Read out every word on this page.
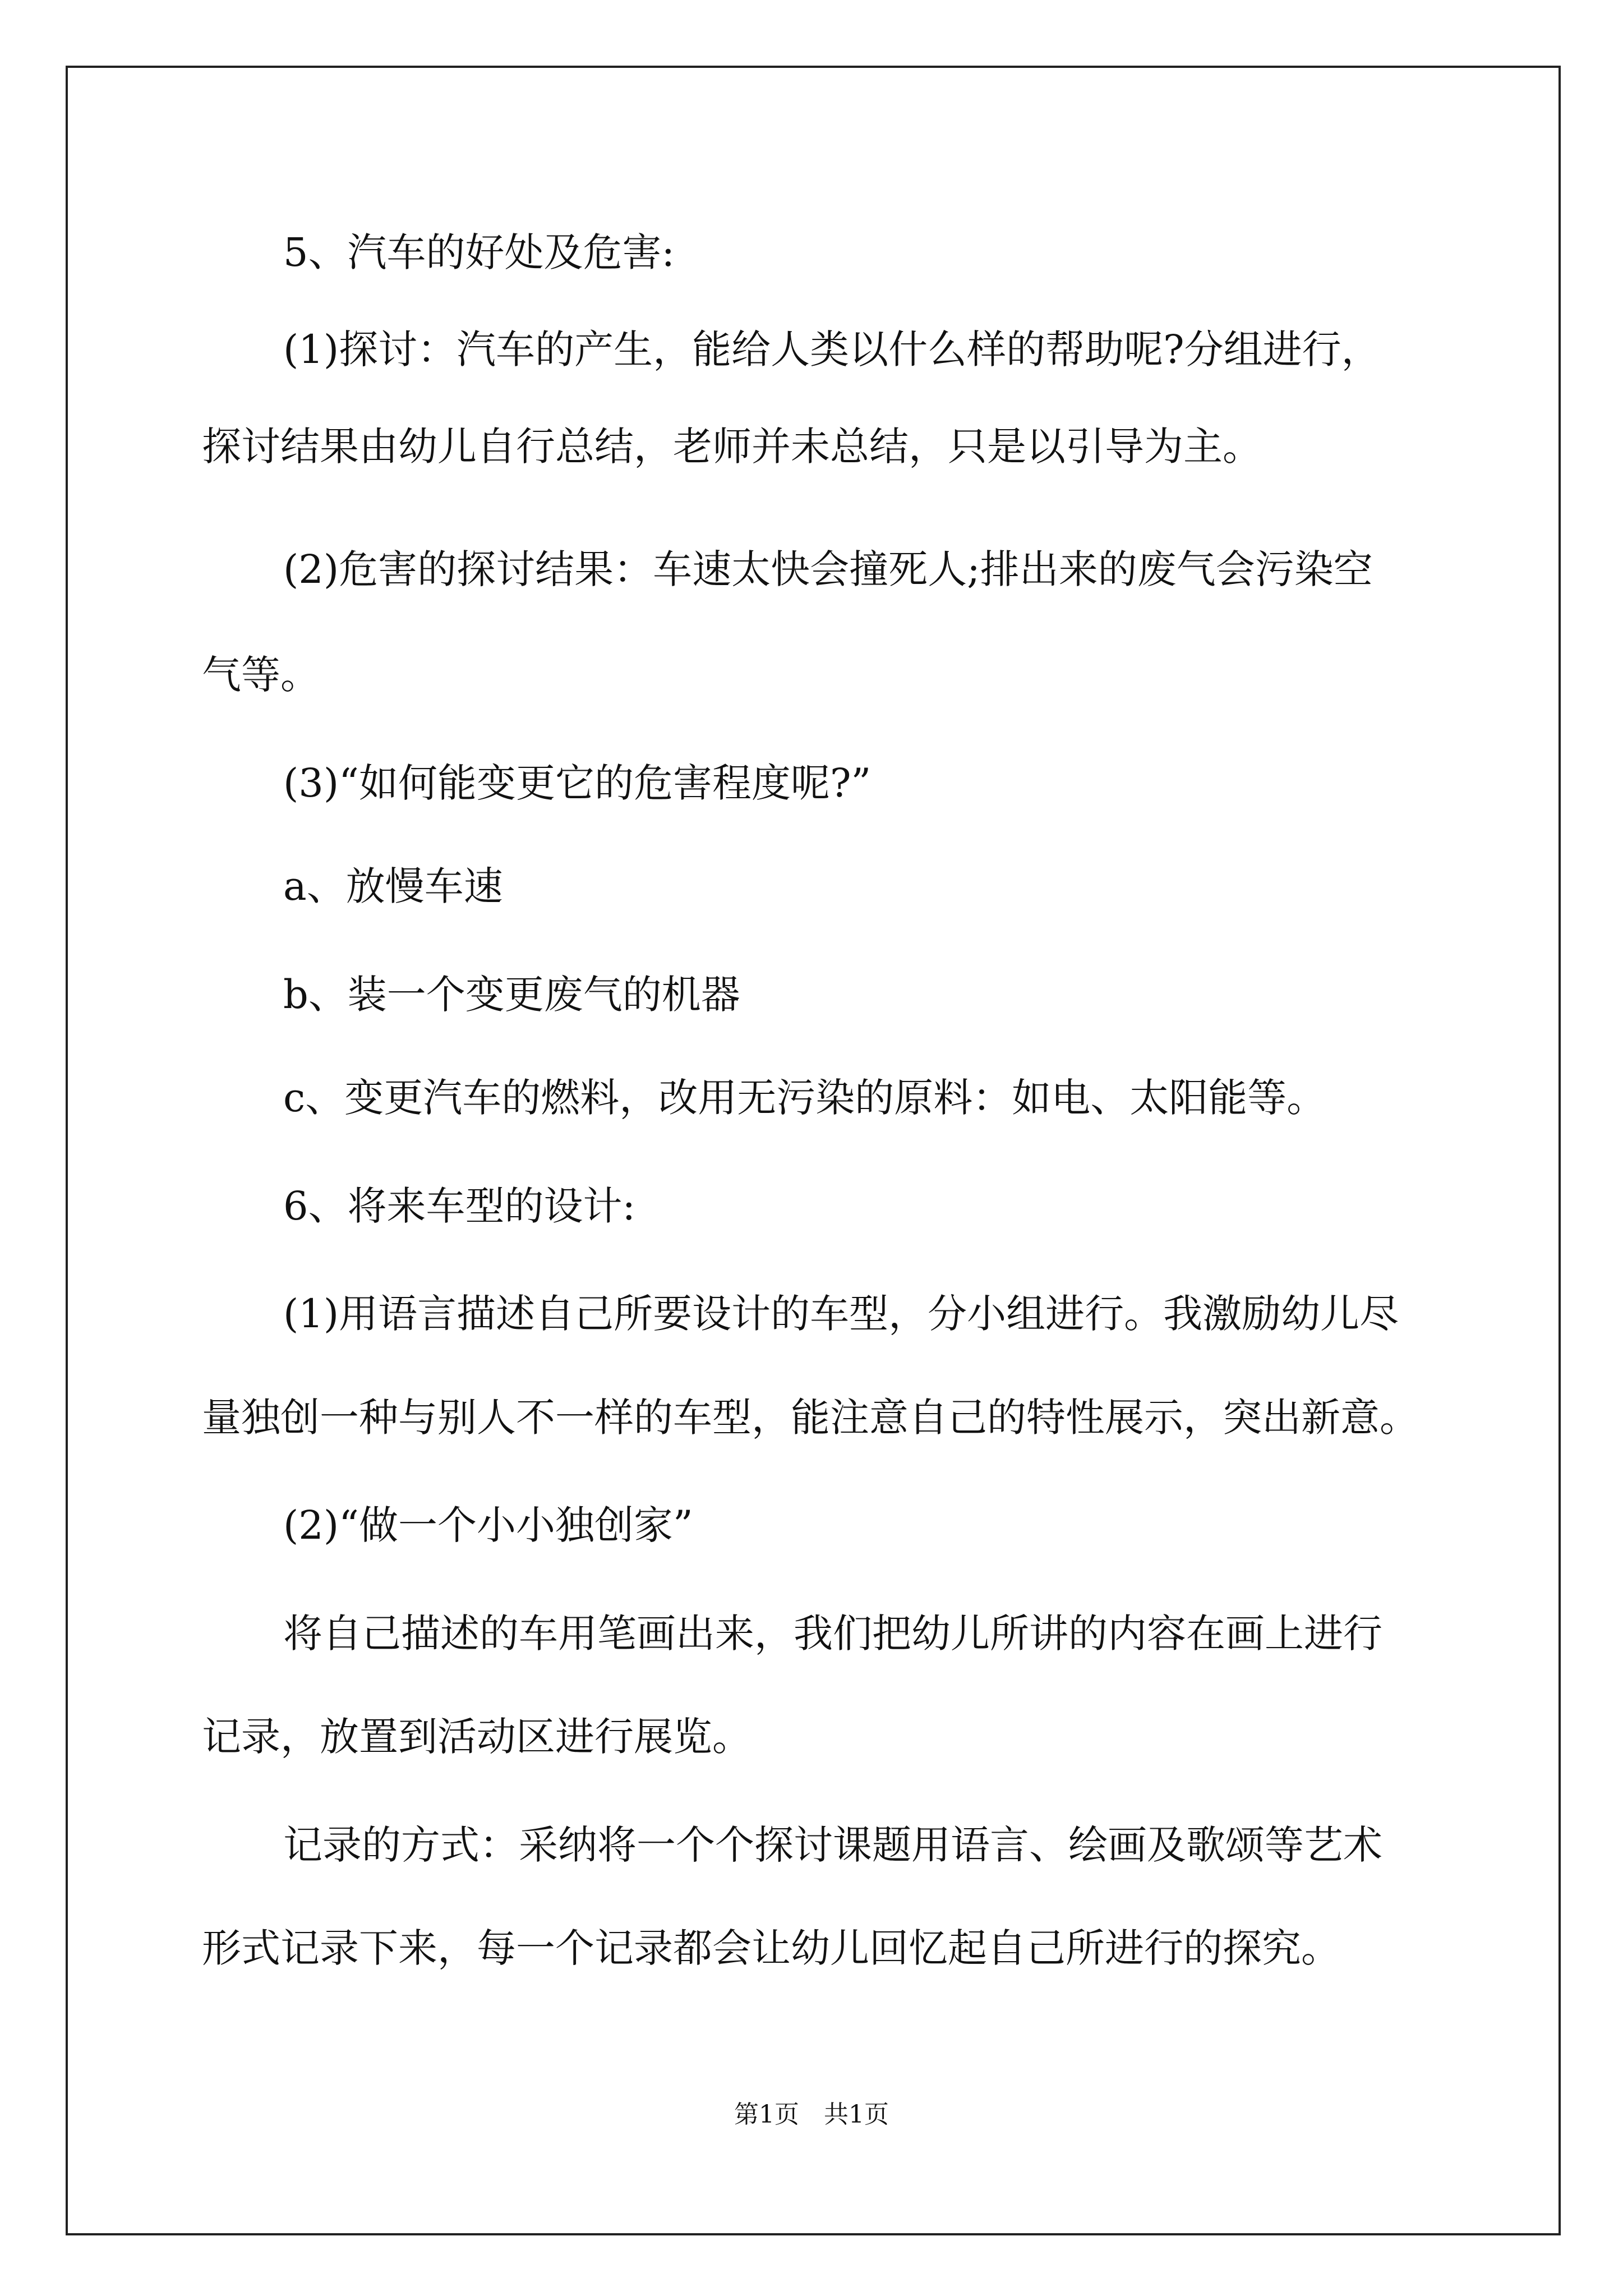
5、汽车的好处及危害:
(1)探讨：汽车的产生，能给人类以什么样的帮助呢?分组进行，
探讨结果由幼儿自行总结，老师并未总结，只是以引导为主。
(2)危害的探讨结果：车速太快会撞死人;排出来的废气会污染空
气等。
(3)“如何能变更它的危害程度呢?”
a、放慢车速
b、装一个变更废气的机器
c、变更汽车的燃料，改用无污染的原料：如电、太阳能等。
6、将来车型的设计:
(1)用语言描述自己所要设计的车型，分小组进行。我激励幼儿尽
量独创一种与别人不一样的车型，能注意自己的特性展示，突出新意。
(2)“做一个小小独创家”
将自己描述的车用笔画出来，我们把幼儿所讲的内容在画上进行
记录，放置到活动区进行展览。
记录的方式：采纳将一个个探讨课题用语言、绘画及歌颂等艺术
形式记录下来，每一个记录都会让幼儿回忆起自己所进行的探究。
第1页　共1页
